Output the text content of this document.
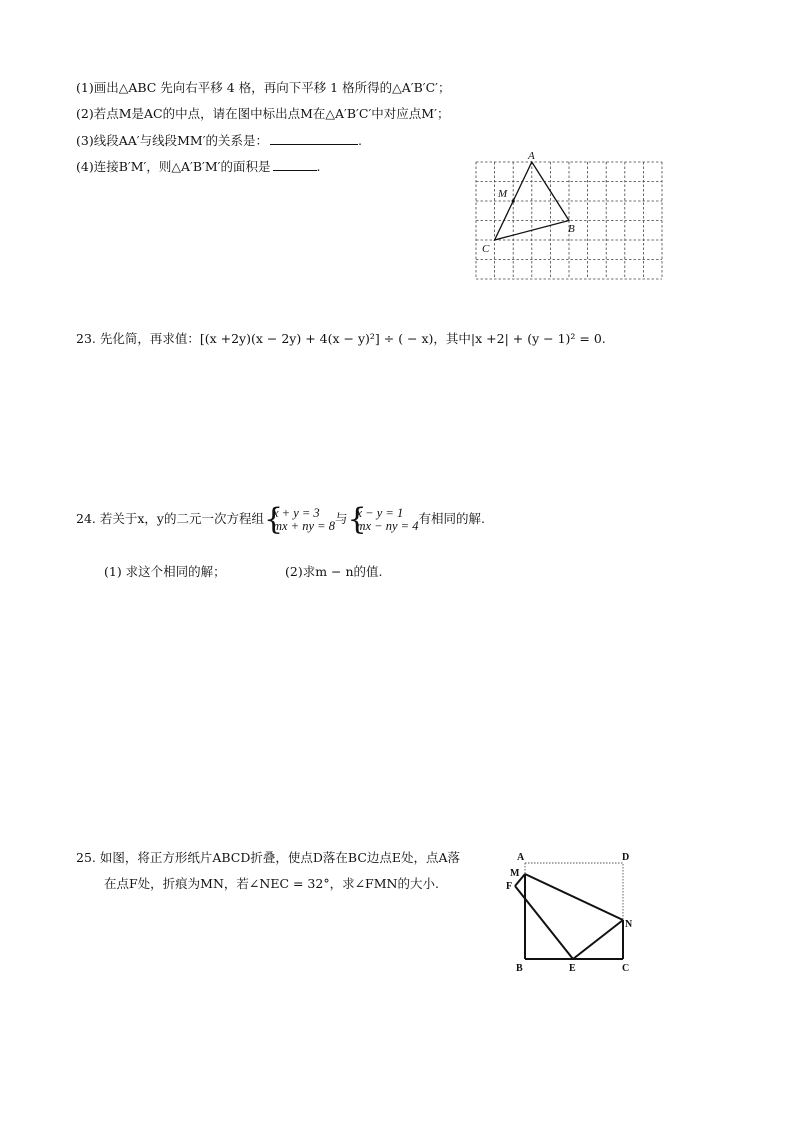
(1)画出△ABC 先向右平移 4 格，再向下平移 1 格所得的△A′B′C′；
(2)若点M是AC的中点，请在图中标出点M在△A′B′C′中对应点M′；
(3)线段AA′与线段MM′的关系是：	.
(4)连接B′M′，则△A′B′M′的面积是	.
A
B
C
M
23. 先化简，再求值：[(x +2y)(x − 2y) + 4(x − y)²] ÷ ( − x)，其中|x +2| + (y − 1)² = 0.
24. 若关于x，y的二元一次方程组 {
x + y = 3
mx + ny = 8 与 {
x − y = 1
mx − ny = 4 有相同的解.
(1) 求这个相同的解；	(2)求m − n的值.
25. 如图，将正方形纸片ABCD折叠，使点D落在BC边点E处，点A落
在点F处，折痕为MN，若∠NEC = 32°，求∠FMN的大小.
A	D
M
F
N
B	E	C
